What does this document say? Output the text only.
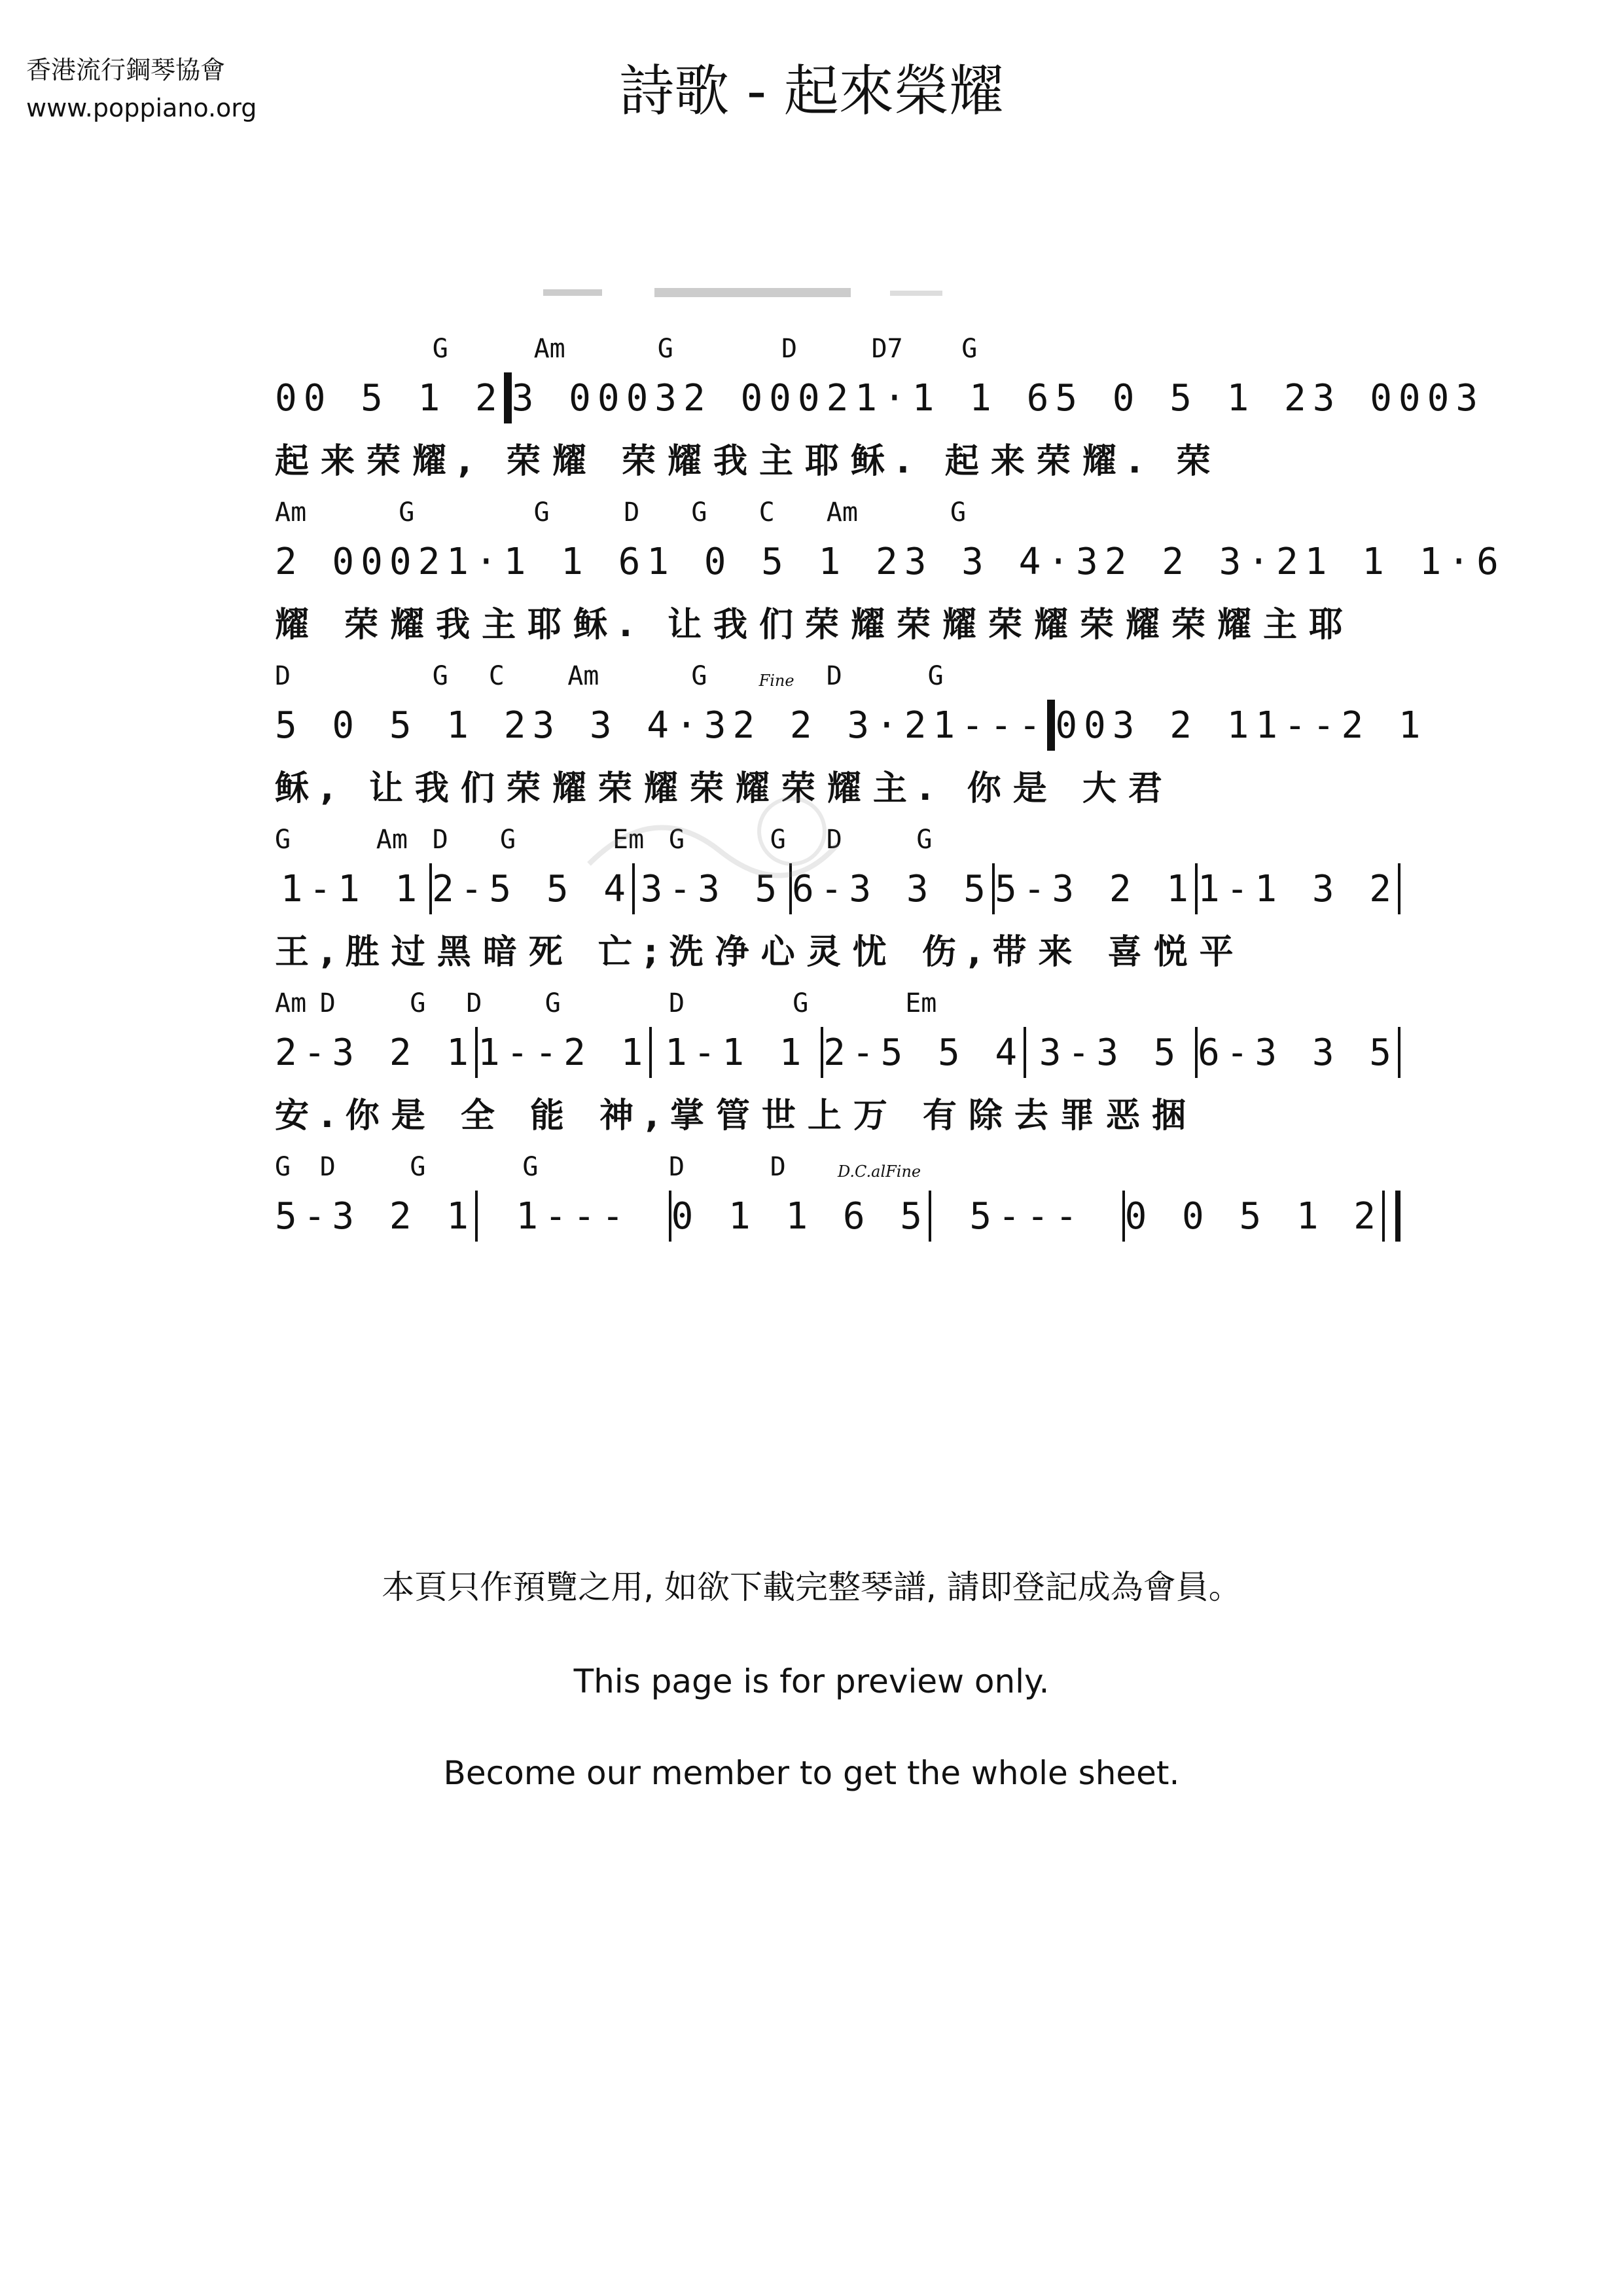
香港流行鋼琴協會
www.poppiano.org	詩歌 - 起來榮耀
G	Am	G	D	D7 G
00 5 1 2 3 0003 2 0002 1·1 1 6 5 0 5 1 2 3 0003
起来荣耀, 荣耀 荣耀我主耶稣. 起来荣耀. 荣
Am	G	G	D G C Am	G
2 0002 1·1 1 6 1 0 5 1 2 3 3 4·3 2 2 3·2 1 1 1·6
耀 荣耀我主耶稣. 让我们荣耀荣耀荣耀荣耀荣耀主耶
D	G C Am	G	Fine D	G
5 0 5 1 2 3 3 4·3 2 2 3·2 1--- 003 2 1 1--2 1
稣, 让我们荣耀荣耀荣耀荣耀主. 你是 大君
G	Am D G	Em G	G D	G
1-1 1 2-5 5 4 3-3 5 6-3 3 5 5-3 2 1 1-1 3 2
王,胜过黑暗死 亡;洗净心灵忧 伤,带来 喜悦平
Am D	G D G	D	G	Em
2-3 2 1 1--2 1 1-1 1 2-5 5 4 3-3 5 6-3 3 5
安.你是 全 能 神,掌管世上万 有除去罪恶捆
G D	G	G	D	D	D.C.alFine
5-3 2 1	1---	0 1 1 6 5	5---	0 0 5 1 2
本頁只作預覽之用, 如欲下載完整琴譜, 請即登記成為會員。
This page is for preview only.
Become our member to get the whole sheet.
